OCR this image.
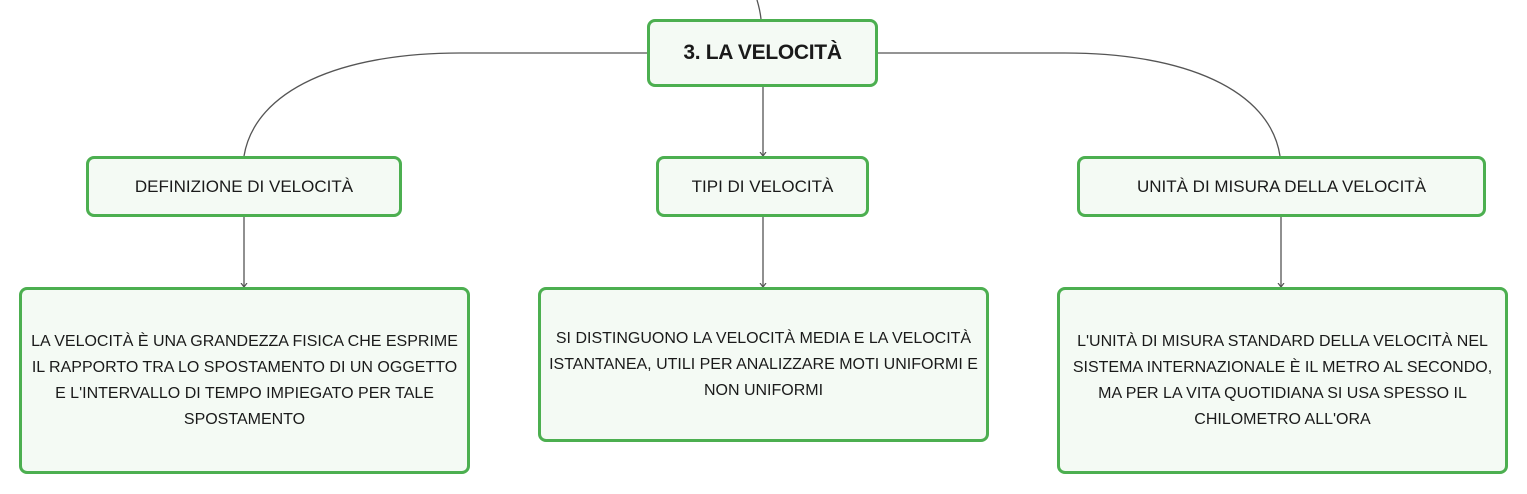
3. LA VELOCITÀ
DEFINIZIONE DI VELOCITÀ	TIPI DI VELOCITÀ	UNITÀ DI MISURA DELLA VELOCITÀ
LA VELOCITÀ È UNA GRANDEZZA FISICA CHE ESPRIME IL RAPPORTO TRA LO SPOSTAMENTO DI UN OGGETTO E L'INTERVALLO DI TEMPO IMPIEGATO PER TALE SPOSTAMENTO
SI DISTINGUONO LA VELOCITÀ MEDIA E LA VELOCITÀ ISTANTANEA, UTILI PER ANALIZZARE MOTI UNIFORMI E NON UNIFORMI
L'UNITÀ DI MISURA STANDARD DELLA VELOCITÀ NEL SISTEMA INTERNAZIONALE È IL METRO AL SECONDO, MA PER LA VITA QUOTIDIANA SI USA SPESSO IL CHILOMETRO ALL'ORA
